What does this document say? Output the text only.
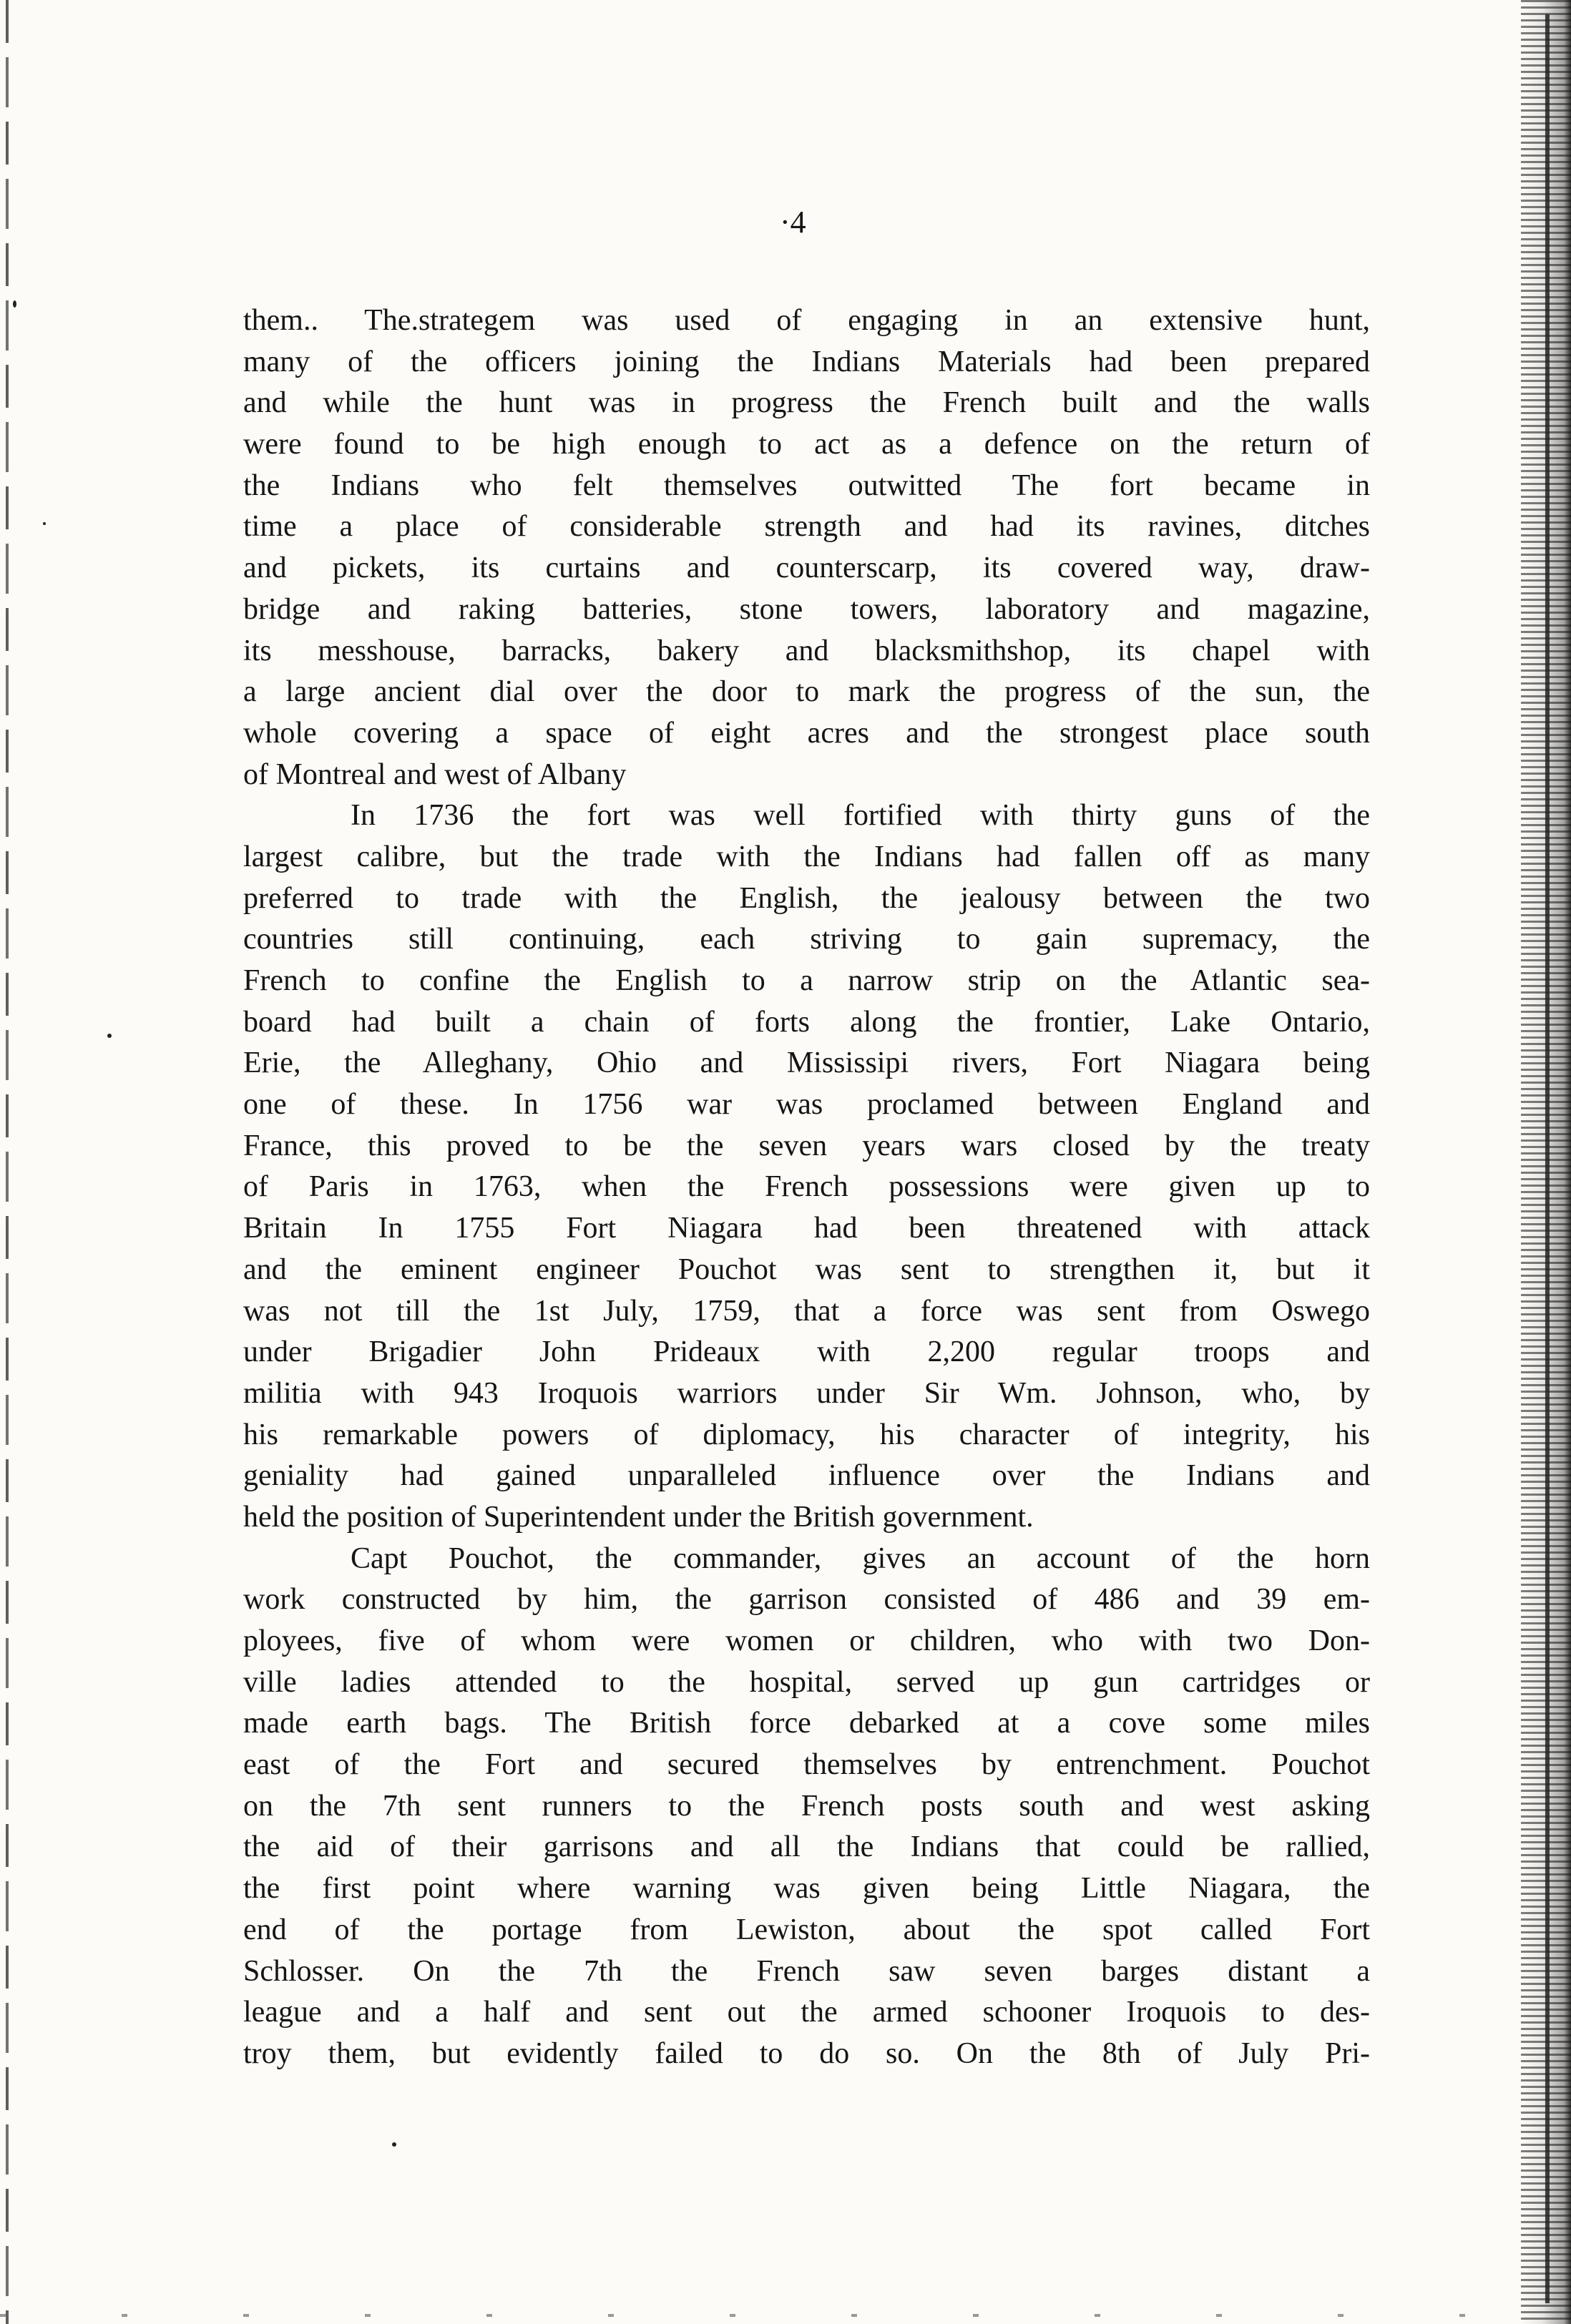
·4
them.. The.strategem was used of engaging in an extensive hunt,
many of the officers joining the Indians Materials had been prepared
and while the hunt was in progress the French built and the walls
were found to be high enough to act as a defence on the return of
the Indians who felt themselves outwitted The fort became in
time a place of considerable strength and had its ravines, ditches
and pickets, its curtains and counterscarp, its covered way, draw-
bridge and raking batteries, stone towers, laboratory and magazine,
its messhouse, barracks, bakery and blacksmithshop, its chapel with
a large ancient dial over the door to mark the progress of the sun, the
whole covering a space of eight acres and the strongest place south
of Montreal and west of Albany
In 1736 the fort was well fortified with thirty guns of the
largest calibre, but the trade with the Indians had fallen off as many
preferred to trade with the English, the jealousy between the two
countries still continuing, each striving to gain supremacy, the
French to confine the English to a narrow strip on the Atlantic sea-
board had built a chain of forts along the frontier, Lake Ontario,
Erie, the Alleghany, Ohio and Mississipi rivers, Fort Niagara being
one of these. In 1756 war was proclamed between England and
France, this proved to be the seven years wars closed by the treaty
of Paris in 1763, when the French possessions were given up to
Britain In 1755 Fort Niagara had been threatened with attack
and the eminent engineer Pouchot was sent to strengthen it, but it
was not till the 1st July, 1759, that a force was sent from Oswego
under Brigadier John Prideaux with 2,200 regular troops and
militia with 943 Iroquois warriors under Sir Wm. Johnson, who, by
his remarkable powers of diplomacy, his character of integrity, his
geniality had gained unparalleled influence over the Indians and
held the position of Superintendent under the British government.
Capt Pouchot, the commander, gives an account of the horn
work constructed by him, the garrison consisted of 486 and 39 em-
ployees, five of whom were women or children, who with two Don-
ville ladies attended to the hospital, served up gun cartridges or
made earth bags. The British force debarked at a cove some miles
east of the Fort and secured themselves by entrenchment. Pouchot
on the 7th sent runners to the French posts south and west asking
the aid of their garrisons and all the Indians that could be rallied,
the first point where warning was given being Little Niagara, the
end of the portage from Lewiston, about the spot called Fort
Schlosser. On the 7th the French saw seven barges distant a
league and a half and sent out the armed schooner Iroquois to des-
troy them, but evidently failed to do so. On the 8th of July Pri-
